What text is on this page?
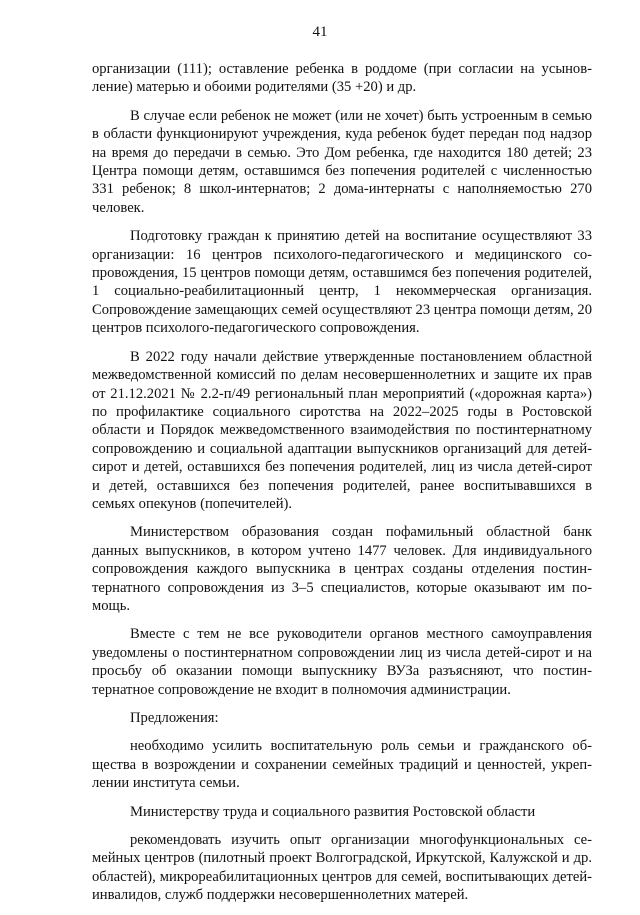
41

организации (111); оставление ребенка в роддоме (при согласии на усыновление) матерью и обоими родителями (35 +20) и др.

В случае если ребенок не может (или не хочет) быть устроенным в семью в области функционируют учреждения, куда ребенок будет передан под надзор на время до передачи в семью. Это Дом ребенка, где находится 180 детей; 23 Центра помощи детям, оставшимся без попечения родителей с численностью 331 ребенок; 8 школ-интернатов; 2 дома-интернаты с наполняемостью 270 человек.

Подготовку граждан к принятию детей на воспитание осуществляют 33 организации: 16 центров психолого-педагогического и медицинского сопровождения, 15 центров помощи детям, оставшимся без попечения родителей, 1 социально-реабилитационный центр, 1 некоммерческая организация. Сопровождение замещающих семей осуществляют 23 центра помощи детям, 20 центров психолого-педагогического сопровождения.

В 2022 году начали действие утвержденные постановлением областной межведомственной комиссий по делам несовершеннолетних и защите их прав от 21.12.2021 № 2.2-п/49 региональный план мероприятий («дорожная карта») по профилактике социального сиротства на 2022–2025 годы в Ростовской области и Порядок межведомственного взаимодействия по постинтернатному сопровождению и социальной адаптации выпускников организаций для детей-сирот и детей, оставшихся без попечения родителей, лиц из числа детей-сирот и детей, оставшихся без попечения родителей, ранее воспитывавшихся в семьях опекунов (попечителей).

Министерством образования создан пофамильный областной банк данных выпускников, в котором учтено 1477 человек. Для индивидуального сопровождения каждого выпускника в центрах созданы отделения постинтернатного сопровождения из 3–5 специалистов, которые оказывают им помощь.

Вместе с тем не все руководители органов местного самоуправления уведомлены о постинтернатном сопровождении лиц из числа детей-сирот и на просьбу об оказании помощи выпускнику ВУЗа разъясняют, что постинтернатное сопровождение не входит в полномочия администрации.

Предложения:

необходимо усилить воспитательную роль семьи и гражданского общества в возрождении и сохранении семейных традиций и ценностей, укреплении института семьи.

Министерству труда и социального развития Ростовской области

рекомендовать изучить опыт организации многофункциональных семейных центров (пилотный проект Волгоградской, Иркутской, Калужской и др. областей), микрореабилитационных центров для семей, воспитывающих детей-инвалидов, служб поддержки несовершеннолетних матерей.
